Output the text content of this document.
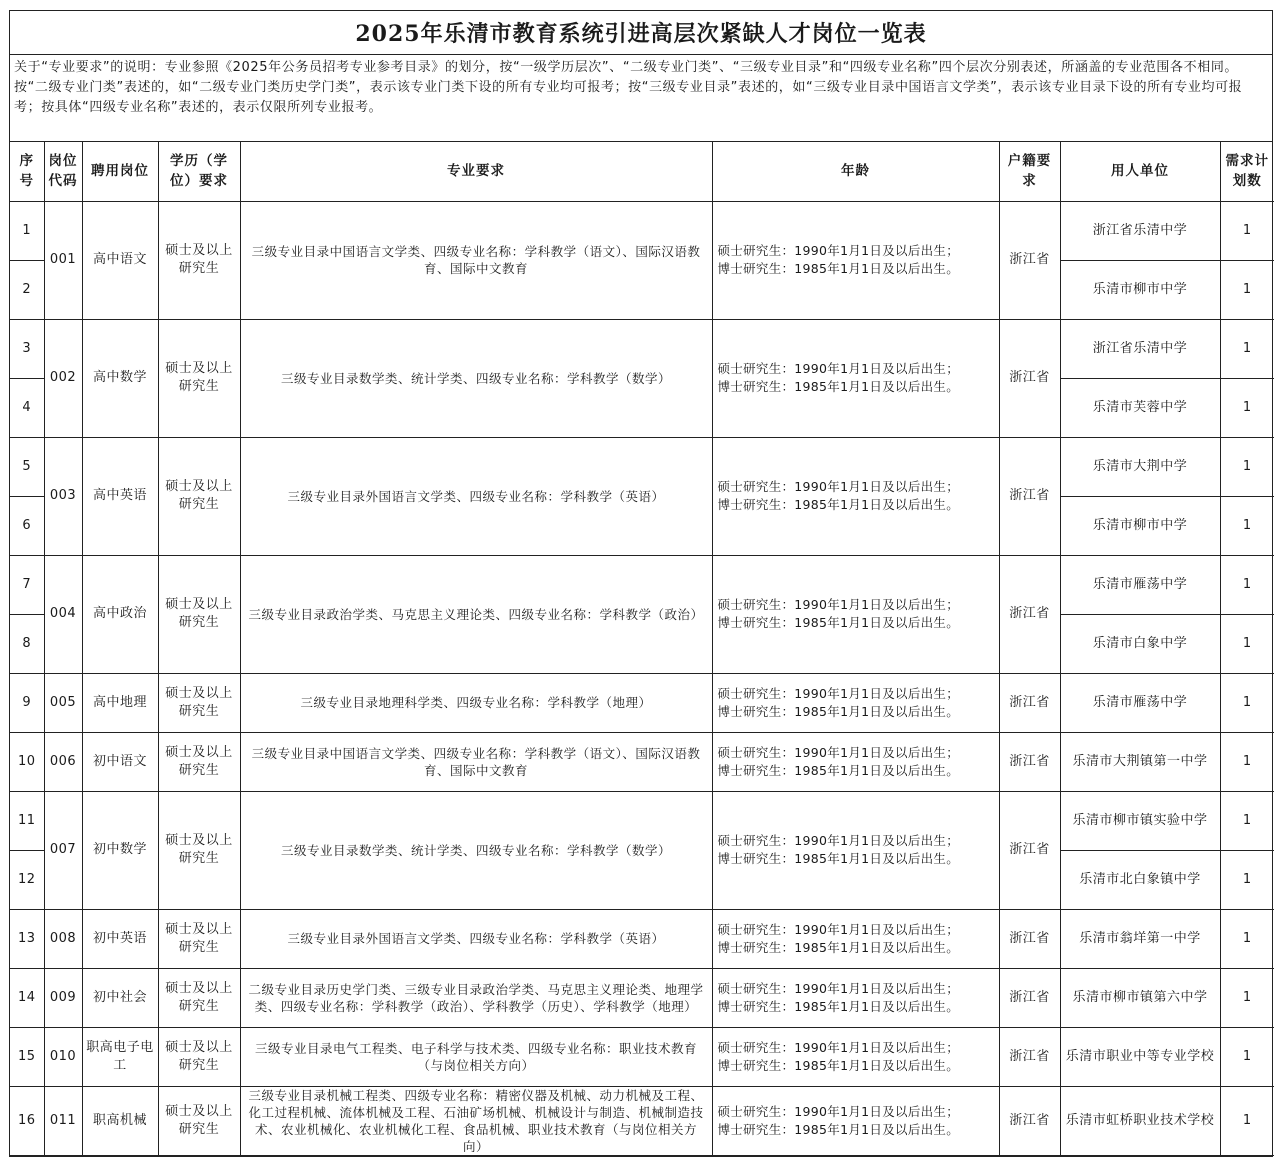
2025年乐清市教育系统引进高层次紧缺人才岗位一览表
关于“专业要求”的说明：专业参照《2025年公务员招考专业参考目录》的划分，按“一级学历层次”、“二级专业门类”、“三级专业目录”和“四级专业名称”四个层次分别表述，所涵盖的专业范围各不相同。按“二级专业门类”表述的，如“二级专业门类历史学门类”，表示该专业门类下设的所有专业均可报考；按“三级专业目录”表述的，如“三级专业目录中国语言文学类”，表示该专业目录下设的所有专业均可报考；按具体“四级专业名称”表述的，表示仅限所列专业报考。
序号	岗位代码	聘用岗位	学历（学位）要求	专业要求	年龄	户籍要求	用人单位	需求计划数
1	001	高中语文	硕士及以上研究生	三级专业目录中国语言文学类、四级专业名称：学科教学（语文）、国际汉语教育、国际中文教育	硕士研究生：1990年1月1日及以后出生；
博士研究生：1985年1月1日及以后出生。	浙江省	浙江省乐清中学	1
2							乐清市柳市中学	1
3	002	高中数学	硕士及以上研究生	三级专业目录数学类、统计学类、四级专业名称：学科教学（数学）	硕士研究生：1990年1月1日及以后出生；
博士研究生：1985年1月1日及以后出生。	浙江省	浙江省乐清中学	1
4							乐清市芙蓉中学	1
5	003	高中英语	硕士及以上研究生	三级专业目录外国语言文学类、四级专业名称：学科教学（英语）	硕士研究生：1990年1月1日及以后出生；
博士研究生：1985年1月1日及以后出生。	浙江省	乐清市大荆中学	1
6							乐清市柳市中学	1
7	004	高中政治	硕士及以上研究生	三级专业目录政治学类、马克思主义理论类、四级专业名称：学科教学（政治）	硕士研究生：1990年1月1日及以后出生；
博士研究生：1985年1月1日及以后出生。	浙江省	乐清市雁荡中学	1
8							乐清市白象中学	1
9	005	高中地理	硕士及以上研究生	三级专业目录地理科学类、四级专业名称：学科教学（地理）	硕士研究生：1990年1月1日及以后出生；
博士研究生：1985年1月1日及以后出生。	浙江省	乐清市雁荡中学	1
10	006	初中语文	硕士及以上研究生	三级专业目录中国语言文学类、四级专业名称：学科教学（语文）、国际汉语教育、国际中文教育	硕士研究生：1990年1月1日及以后出生；
博士研究生：1985年1月1日及以后出生。	浙江省	乐清市大荆镇第一中学	1
11	007	初中数学	硕士及以上研究生	三级专业目录数学类、统计学类、四级专业名称：学科教学（数学）	硕士研究生：1990年1月1日及以后出生；
博士研究生：1985年1月1日及以后出生。	浙江省	乐清市柳市镇实验中学	1
12							乐清市北白象镇中学	1
13	008	初中英语	硕士及以上研究生	三级专业目录外国语言文学类、四级专业名称：学科教学（英语）	硕士研究生：1990年1月1日及以后出生；
博士研究生：1985年1月1日及以后出生。	浙江省	乐清市翁垟第一中学	1
14	009	初中社会	硕士及以上研究生	二级专业目录历史学门类、三级专业目录政治学类、马克思主义理论类、地理学类、四级专业名称：学科教学（政治）、学科教学（历史）、学科教学（地理）	硕士研究生：1990年1月1日及以后出生；
博士研究生：1985年1月1日及以后出生。	浙江省	乐清市柳市镇第六中学	1
15	010	职高电子电工	硕士及以上研究生	三级专业目录电气工程类、电子科学与技术类、四级专业名称：职业技术教育（与岗位相关方向）	硕士研究生：1990年1月1日及以后出生；
博士研究生：1985年1月1日及以后出生。	浙江省	乐清市职业中等专业学校	1
16	011	职高机械	硕士及以上研究生	三级专业目录机械工程类、四级专业名称：精密仪器及机械、动力机械及工程、化工过程机械、流体机械及工程、石油矿场机械、机械设计与制造、机械制造技术、农业机械化、农业机械化工程、食品机械、职业技术教育（与岗位相关方向）	硕士研究生：1990年1月1日及以后出生；
博士研究生：1985年1月1日及以后出生。	浙江省	乐清市虹桥职业技术学校	1
